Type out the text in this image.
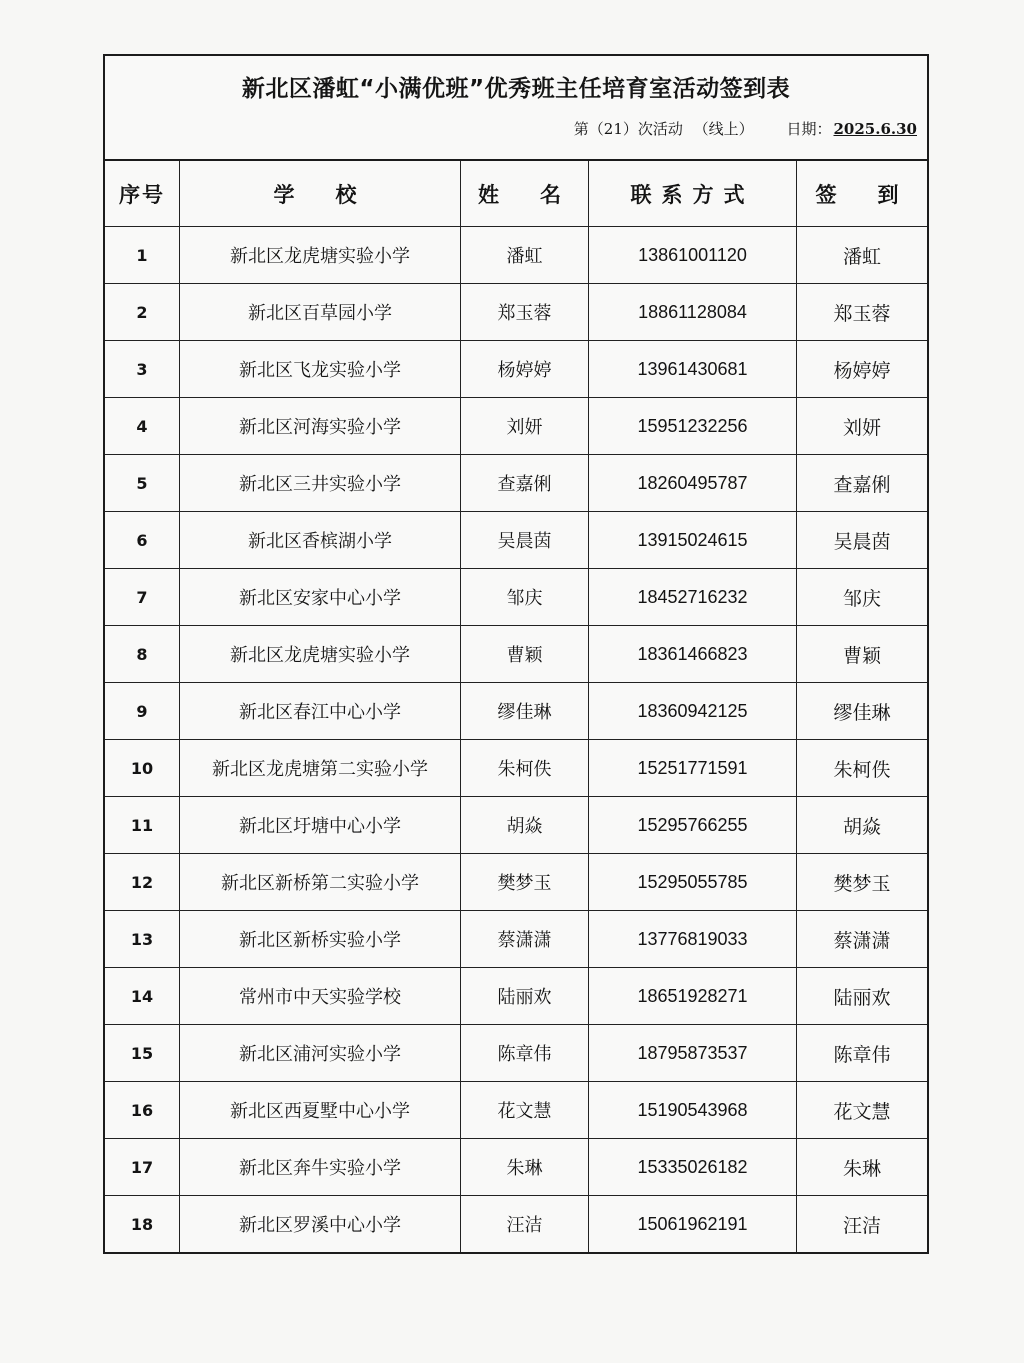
新北区潘虹“小满优班”优秀班主任培育室活动签到表
第（21）次活动 （线上） 日期： 2025.6.30
序号	学　校	姓　名	联系方式	签　到
1	新北区龙虎塘实验小学	潘虹	13861001120	潘虹
2	新北区百草园小学	郑玉蓉	18861128084	郑玉蓉
3	新北区飞龙实验小学	杨婷婷	13961430681	杨婷婷
4	新北区河海实验小学	刘妍	15951232256	刘妍
5	新北区三井实验小学	查嘉俐	18260495787	查嘉俐
6	新北区香槟湖小学	吴晨茵	13915024615	吴晨茵
7	新北区安家中心小学	邹庆	18452716232	邹庆
8	新北区龙虎塘实验小学	曹颖	18361466823	曹颖
9	新北区春江中心小学	缪佳琳	18360942125	缪佳琳
10	新北区龙虎塘第二实验小学	朱柯佚	15251771591	朱柯佚
11	新北区圩塘中心小学	胡焱	15295766255	胡焱
12	新北区新桥第二实验小学	樊梦玉	15295055785	樊梦玉
13	新北区新桥实验小学	蔡潇潇	13776819033	蔡潇潇
14	常州市中天实验学校	陆丽欢	18651928271	陆丽欢
15	新北区浦河实验小学	陈章伟	18795873537	陈章伟
16	新北区西夏墅中心小学	花文慧	15190543968	花文慧
17	新北区奔牛实验小学	朱琳	15335026182	朱琳
18	新北区罗溪中心小学	汪洁	15061962191	汪洁
